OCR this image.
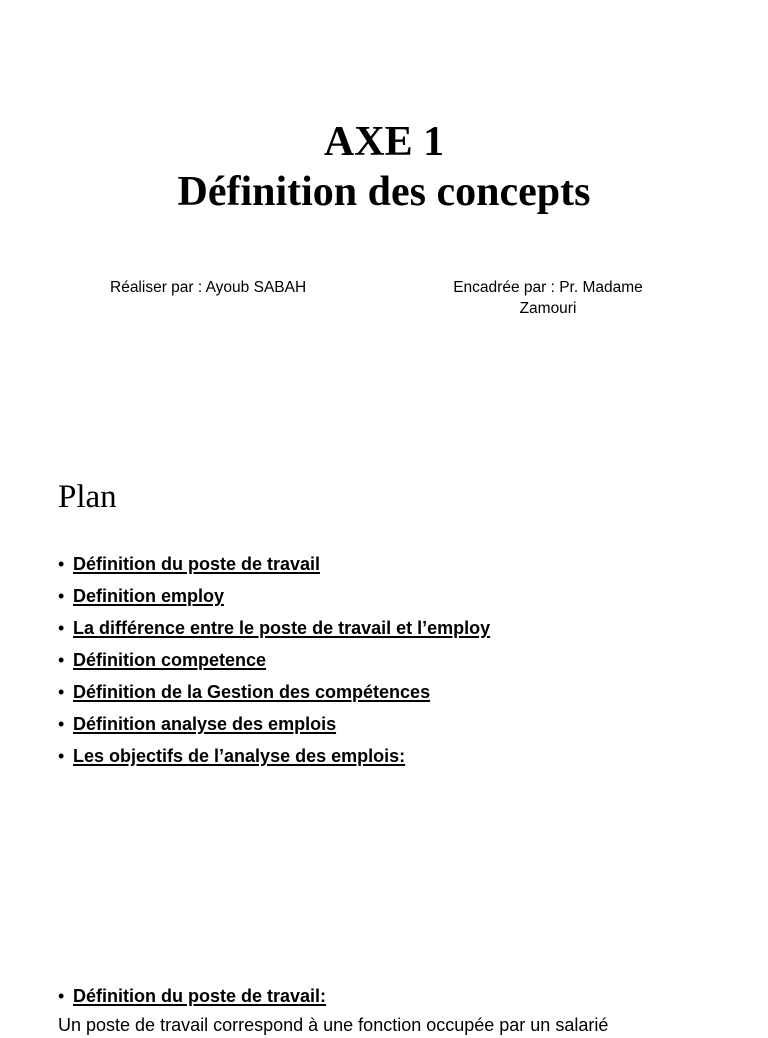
AXE 1
Définition des concepts
Réaliser par : Ayoub SABAH	Encadrée par : Pr. Madame
Zamouri
Plan
• Définition du poste de travail
• Definition employ
• La différence entre le poste de travail et l’employ
• Définition competence
• Définition de la Gestion des compétences
• Définition analyse des emplois
• Les objectifs de l’analyse des emplois:
• Définition du poste de travail:
Un poste de travail correspond à une fonction occupée par un salarié
